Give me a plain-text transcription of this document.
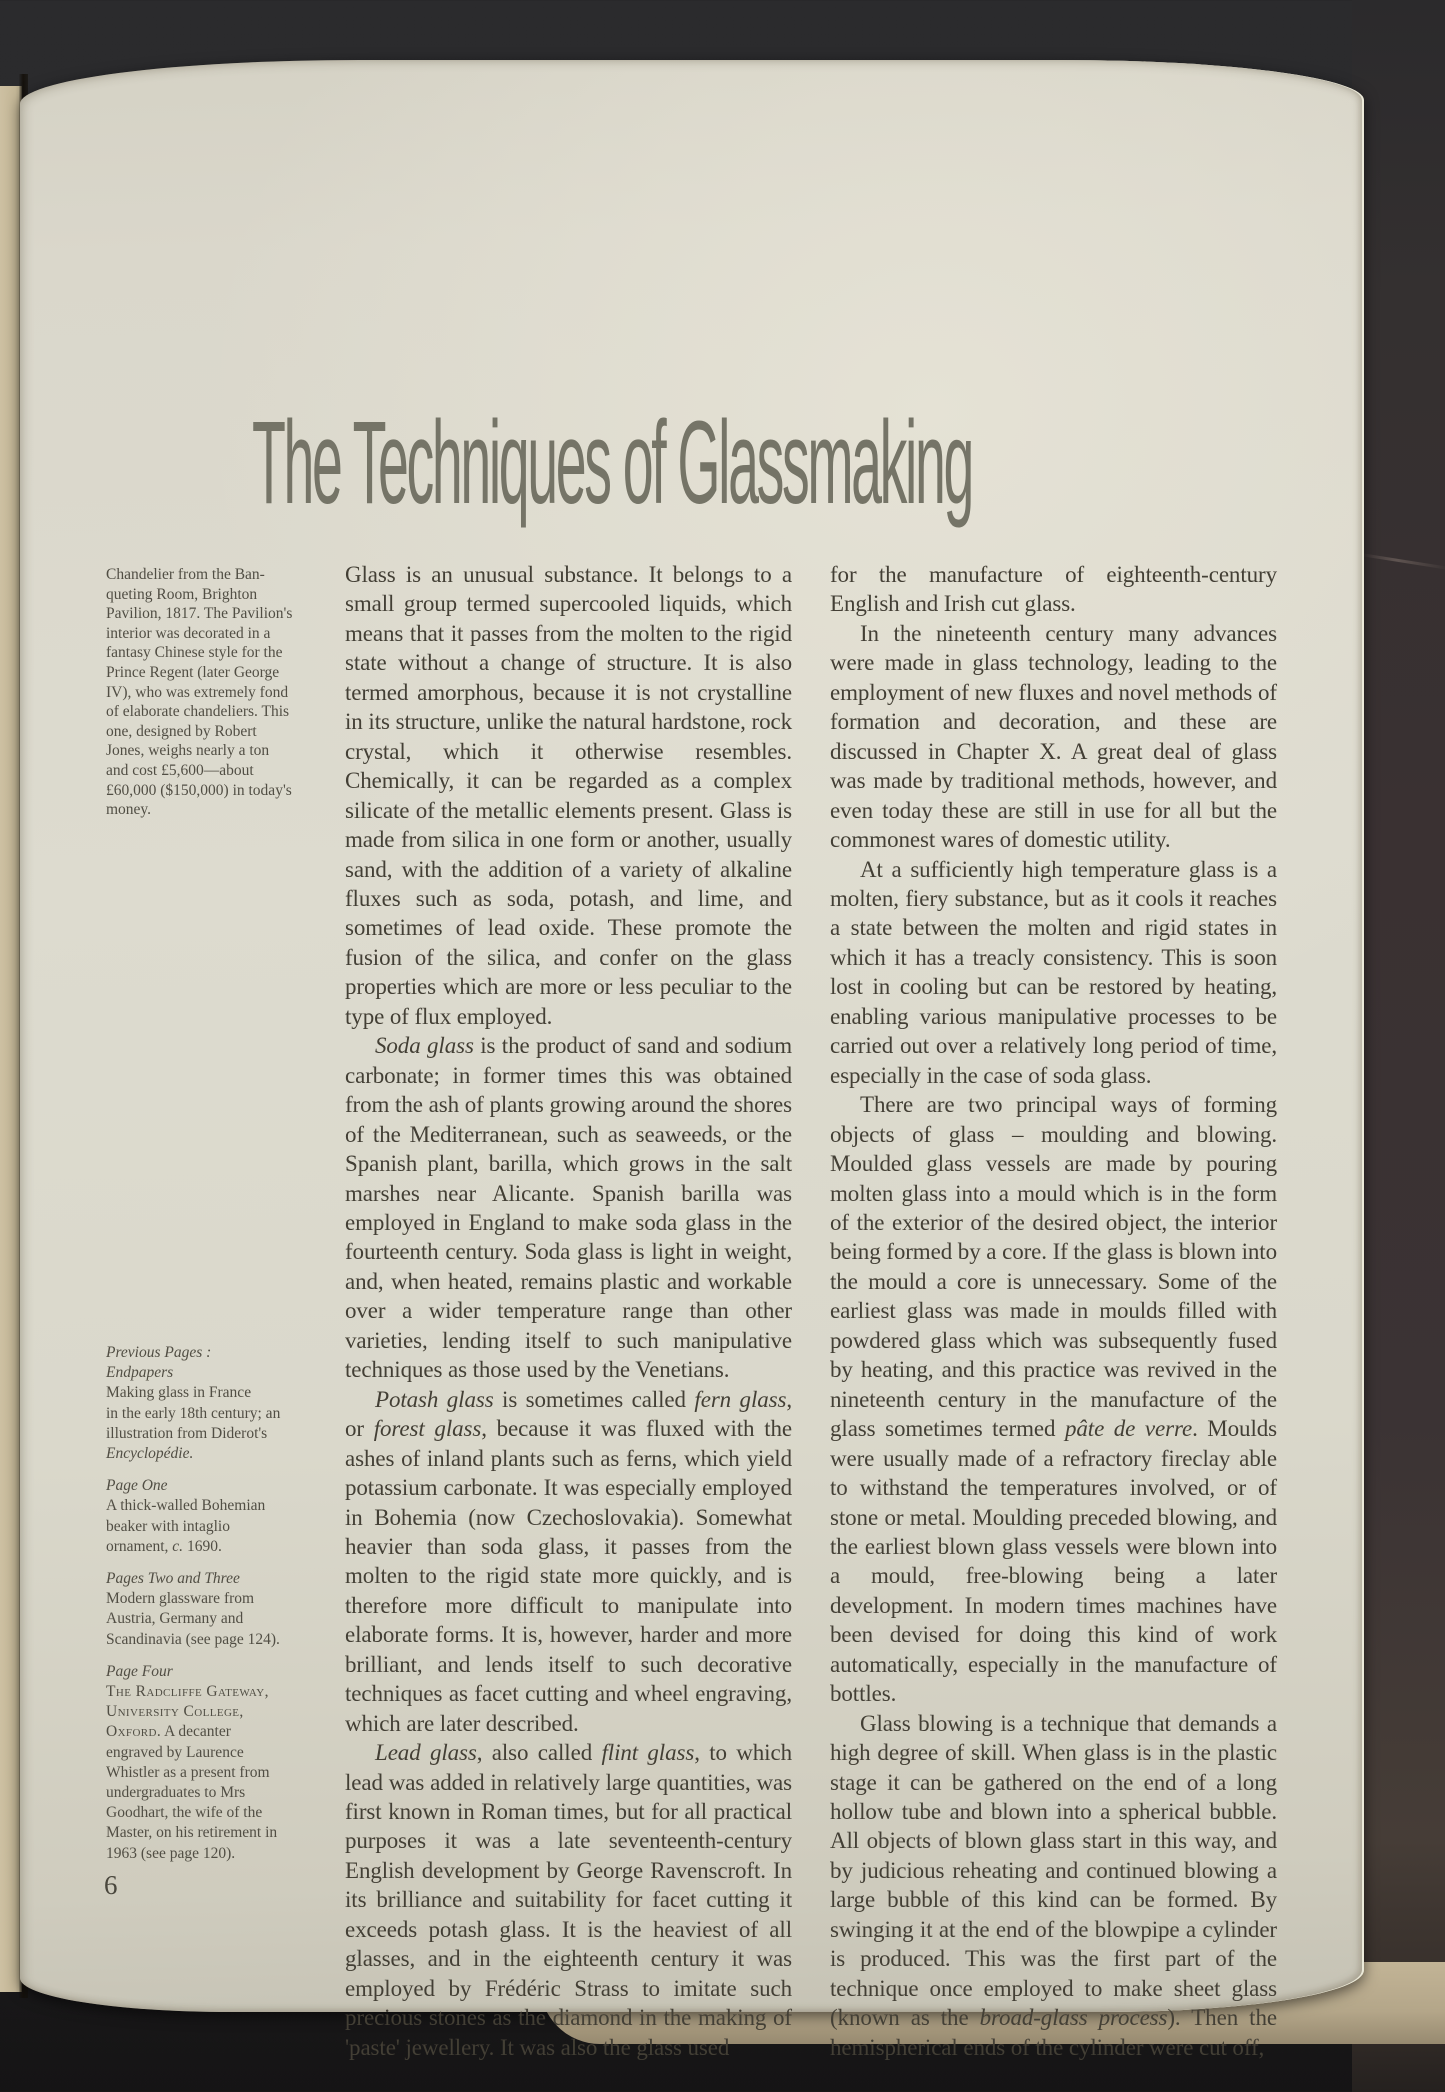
The Techniques of Glassmaking
Chandelier from the Ban-
queting Room, Brighton
Pavilion, 1817. The Pavilion's
interior was decorated in a
fantasy Chinese style for the
Prince Regent (later George
IV), who was extremely fond
of elaborate chandeliers. This
one, designed by Robert
Jones, weighs nearly a ton
and cost £5,600—about
£60,000 ($150,000) in today's
money.
Previous Pages :
Endpapers
Making glass in France
in the early 18th century; an
illustration from Diderot's
Encyclopédie.
Page One
A thick-walled Bohemian
beaker with intaglio
ornament, c. 1690.
Pages Two and Three
Modern glassware from
Austria, Germany and
Scandinavia (see page 124).
Page Four
The Radcliffe Gateway,
University College,
Oxford. A decanter
engraved by Laurence
Whistler as a present from
undergraduates to Mrs
Goodhart, the wife of the
Master, on his retirement in
1963 (see page 120).

Glass is an unusual substance. It belongs to a small group termed supercooled liquids, which means that it passes from the molten to the rigid state without a change of structure. It is also termed amorphous, because it is not crystalline in its structure, unlike the natural hardstone, rock crystal, which it otherwise resembles. Chemically, it can be regarded as a complex silicate of the metallic elements present. Glass is made from silica in one form or another, usually sand, with the addition of a variety of alkaline fluxes such as soda, potash, and lime, and sometimes of lead oxide. These promote the fusion of the silica, and confer on the glass properties which are more or less peculiar to the type of flux employed.

Soda glass is the product of sand and sodium carbonate; in former times this was obtained from the ash of plants growing around the shores of the Mediterranean, such as seaweeds, or the Spanish plant, barilla, which grows in the salt marshes near Alicante. Spanish barilla was employed in England to make soda glass in the fourteenth century. Soda glass is light in weight, and, when heated, remains plastic and workable over a wider temperature range than other varieties, lending itself to such manipulative techniques as those used by the Venetians.

Potash glass is sometimes called fern glass, or forest glass, because it was fluxed with the ashes of inland plants such as ferns, which yield potassium carbonate. It was especially employed in Bohemia (now Czechoslovakia). Somewhat heavier than soda glass, it passes from the molten to the rigid state more quickly, and is therefore more difficult to manipulate into elaborate forms. It is, however, harder and more brilliant, and lends itself to such decorative techniques as facet cutting and wheel engraving, which are later described.

Lead glass, also called flint glass, to which lead was added in relatively large quantities, was first known in Roman times, but for all practical purposes it was a late seventeenth-century English development by George Ravenscroft. In its brilliance and suitability for facet cutting it exceeds potash glass. It is the heaviest of all glasses, and in the eighteenth century it was employed by Frédéric Strass to imitate such precious stones as the diamond in the making of 'paste' jewellery. It was also the glass used

for the manufacture of eighteenth-century English and Irish cut glass.

In the nineteenth century many advances were made in glass technology, leading to the employment of new fluxes and novel methods of formation and decoration, and these are discussed in Chapter X. A great deal of glass was made by traditional methods, however, and even today these are still in use for all but the commonest wares of domestic utility.

At a sufficiently high temperature glass is a molten, fiery substance, but as it cools it reaches a state between the molten and rigid states in which it has a treacly consistency. This is soon lost in cooling but can be restored by heating, enabling various manipulative processes to be carried out over a relatively long period of time, especially in the case of soda glass.

There are two principal ways of forming objects of glass – moulding and blowing. Moulded glass vessels are made by pouring molten glass into a mould which is in the form of the exterior of the desired object, the interior being formed by a core. If the glass is blown into the mould a core is unnecessary. Some of the earliest glass was made in moulds filled with powdered glass which was subsequently fused by heating, and this practice was revived in the nineteenth century in the manufacture of the glass sometimes termed pâte de verre. Moulds were usually made of a refractory fireclay able to withstand the temperatures involved, or of stone or metal. Moulding preceded blowing, and the earliest blown glass vessels were blown into a mould, free-blowing being a later development. In modern times machines have been devised for doing this kind of work automatically, especially in the manufacture of bottles.

Glass blowing is a technique that demands a high degree of skill. When glass is in the plastic stage it can be gathered on the end of a long hollow tube and blown into a spherical bubble. All objects of blown glass start in this way, and by judicious reheating and continued blowing a large bubble of this kind can be formed. By swinging it at the end of the blowpipe a cylinder is produced. This was the first part of the technique once employed to make sheet glass (known as the broad-glass process). Then the hemispherical ends of the cylinder were cut off,

6
